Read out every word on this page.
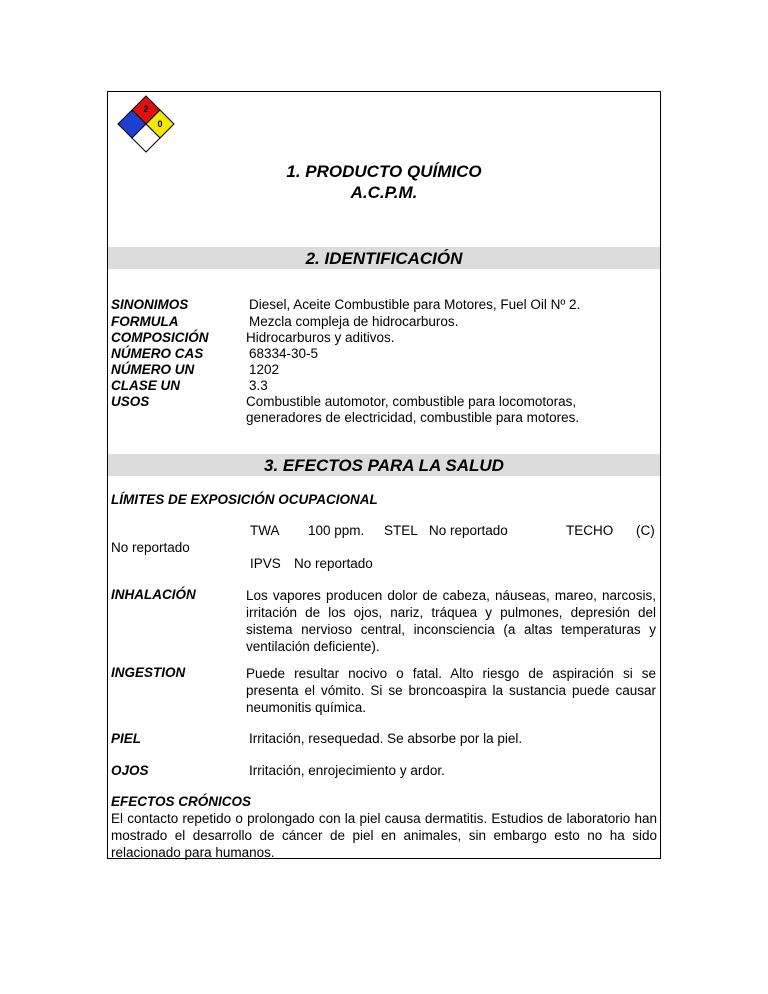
2
1	0
1. PRODUCTO QUÍMICO
A.C.P.M.
2. IDENTIFICACIÓN
SINONIMOS	Diesel, Aceite Combustible para Motores, Fuel Oil Nº 2.
FORMULA	Mezcla compleja de hidrocarburos.
COMPOSICIÓN	Hidrocarburos y aditivos.
NÚMERO CAS	68334-30-5
NÚMERO UN	1202
CLASE UN	3.3
USOS	Combustible automotor, combustible para locomotoras,
generadores de electricidad, combustible para motores.
3. EFECTOS PARA LA SALUD
LÍMITES DE EXPOSICIÓN OCUPACIONAL
TWA 100 ppm. STEL No reportado	TECHO (C)
No reportado
IPVS No reportado
INHALACIÓN	Los vapores producen dolor de cabeza, náuseas, mareo, narcosis, irritación de los ojos, nariz, tráquea y pulmones, depresión del sistema nervioso central, inconsciencia (a altas temperaturas y ventilación deficiente).
INGESTION	Puede resultar nocivo o fatal. Alto riesgo de aspiración si se presenta el vómito. Si se broncoaspira la sustancia puede causar neumonitis química.
PIEL	Irritación, resequedad. Se absorbe por la piel.
OJOS	Irritación, enrojecimiento y ardor.
EFECTOS CRÓNICOS
El contacto repetido o prolongado con la piel causa dermatitis. Estudios de laboratorio han mostrado el desarrollo de cáncer de piel en animales, sin embargo esto no ha sido relacionado para humanos.
